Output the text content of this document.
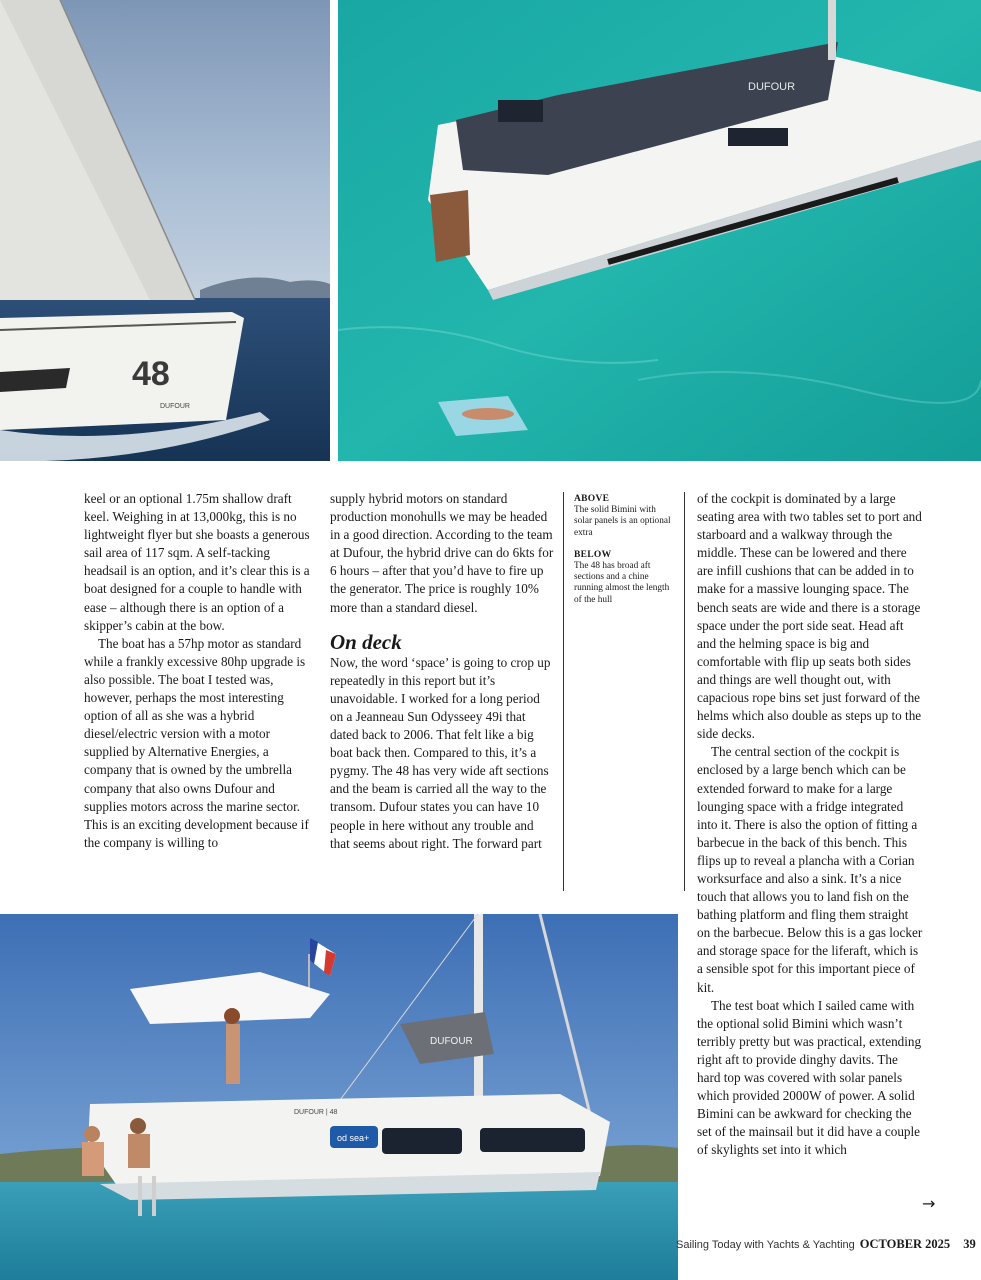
48
DUFOUR
DUFOUR

keel or an optional 1.75m shallow draft keel. Weighing in at 13,000kg, this is no lightweight flyer but she boasts a generous sail area of 117 sqm. A self-tacking headsail is an option, and it’s clear this is a boat designed for a couple to handle with ease – although there is an option of a skipper’s cabin at the bow.

The boat has a 57hp motor as standard while a frankly excessive 80hp upgrade is also possible. The boat I tested was, however, perhaps the most interesting option of all as she was a hybrid diesel/electric version with a motor supplied by Alternative Energies, a company that is owned by the umbrella company that also owns Dufour and supplies motors across the marine sector. This is an exciting development because if the company is willing to

supply hybrid motors on standard production monohulls we may be headed in a good direction. According to the team at Dufour, the hybrid drive can do 6kts for 6 hours – after that you’d have to fire up the generator. The price is roughly 10% more than a standard diesel.

On deck

Now, the word ‘space’ is going to crop up repeatedly in this report but it’s unavoidable. I worked for a long period on a Jeanneau Sun Odysseey 49i that dated back to 2006. That felt like a big boat back then. Compared to this, it’s a pygmy. The 48 has very wide aft sections and the beam is carried all the way to the transom. Dufour states you can have 10 people in here without any trouble and that seems about right. The forward part

ABOVE
The solid Bimini with solar panels is an optional extra
BELOW
The 48 has broad aft sections and a chine running almost the length of the hull

of the cockpit is dominated by a large seating area with two tables set to port and starboard and a walkway through the middle. These can be lowered and there are infill cushions that can be added in to make for a massive lounging space. The bench seats are wide and there is a storage space under the port side seat. Head aft and the helming space is big and comfortable with flip up seats both sides and things are well thought out, with capacious rope bins set just forward of the helms which also double as steps up to the side decks.

The central section of the cockpit is enclosed by a large bench which can be extended forward to make for a large lounging space with a fridge integrated into it. There is also the option of fitting a barbecue in the back of this bench. This flips up to reveal a plancha with a Corian worksurface and also a sink. It’s a nice touch that allows you to land fish on the bathing platform and fling them straight on the barbecue. Below this is a gas locker and storage space for the liferaft, which is a sensible spot for this important piece of kit.

The test boat which I sailed came with the optional solid Bimini which wasn’t terribly pretty but was practical, extending right aft to provide dinghy davits. The hard top was covered with solar panels which provided 2000W of power. A solid Bimini can be awkward for checking the set of the mainsail but it did have a couple of skylights set into it which

DUFOUR
od sea+
DUFOUR | 48
→
Sailing Today with Yachts & Yachting OCTOBER 2025 39
